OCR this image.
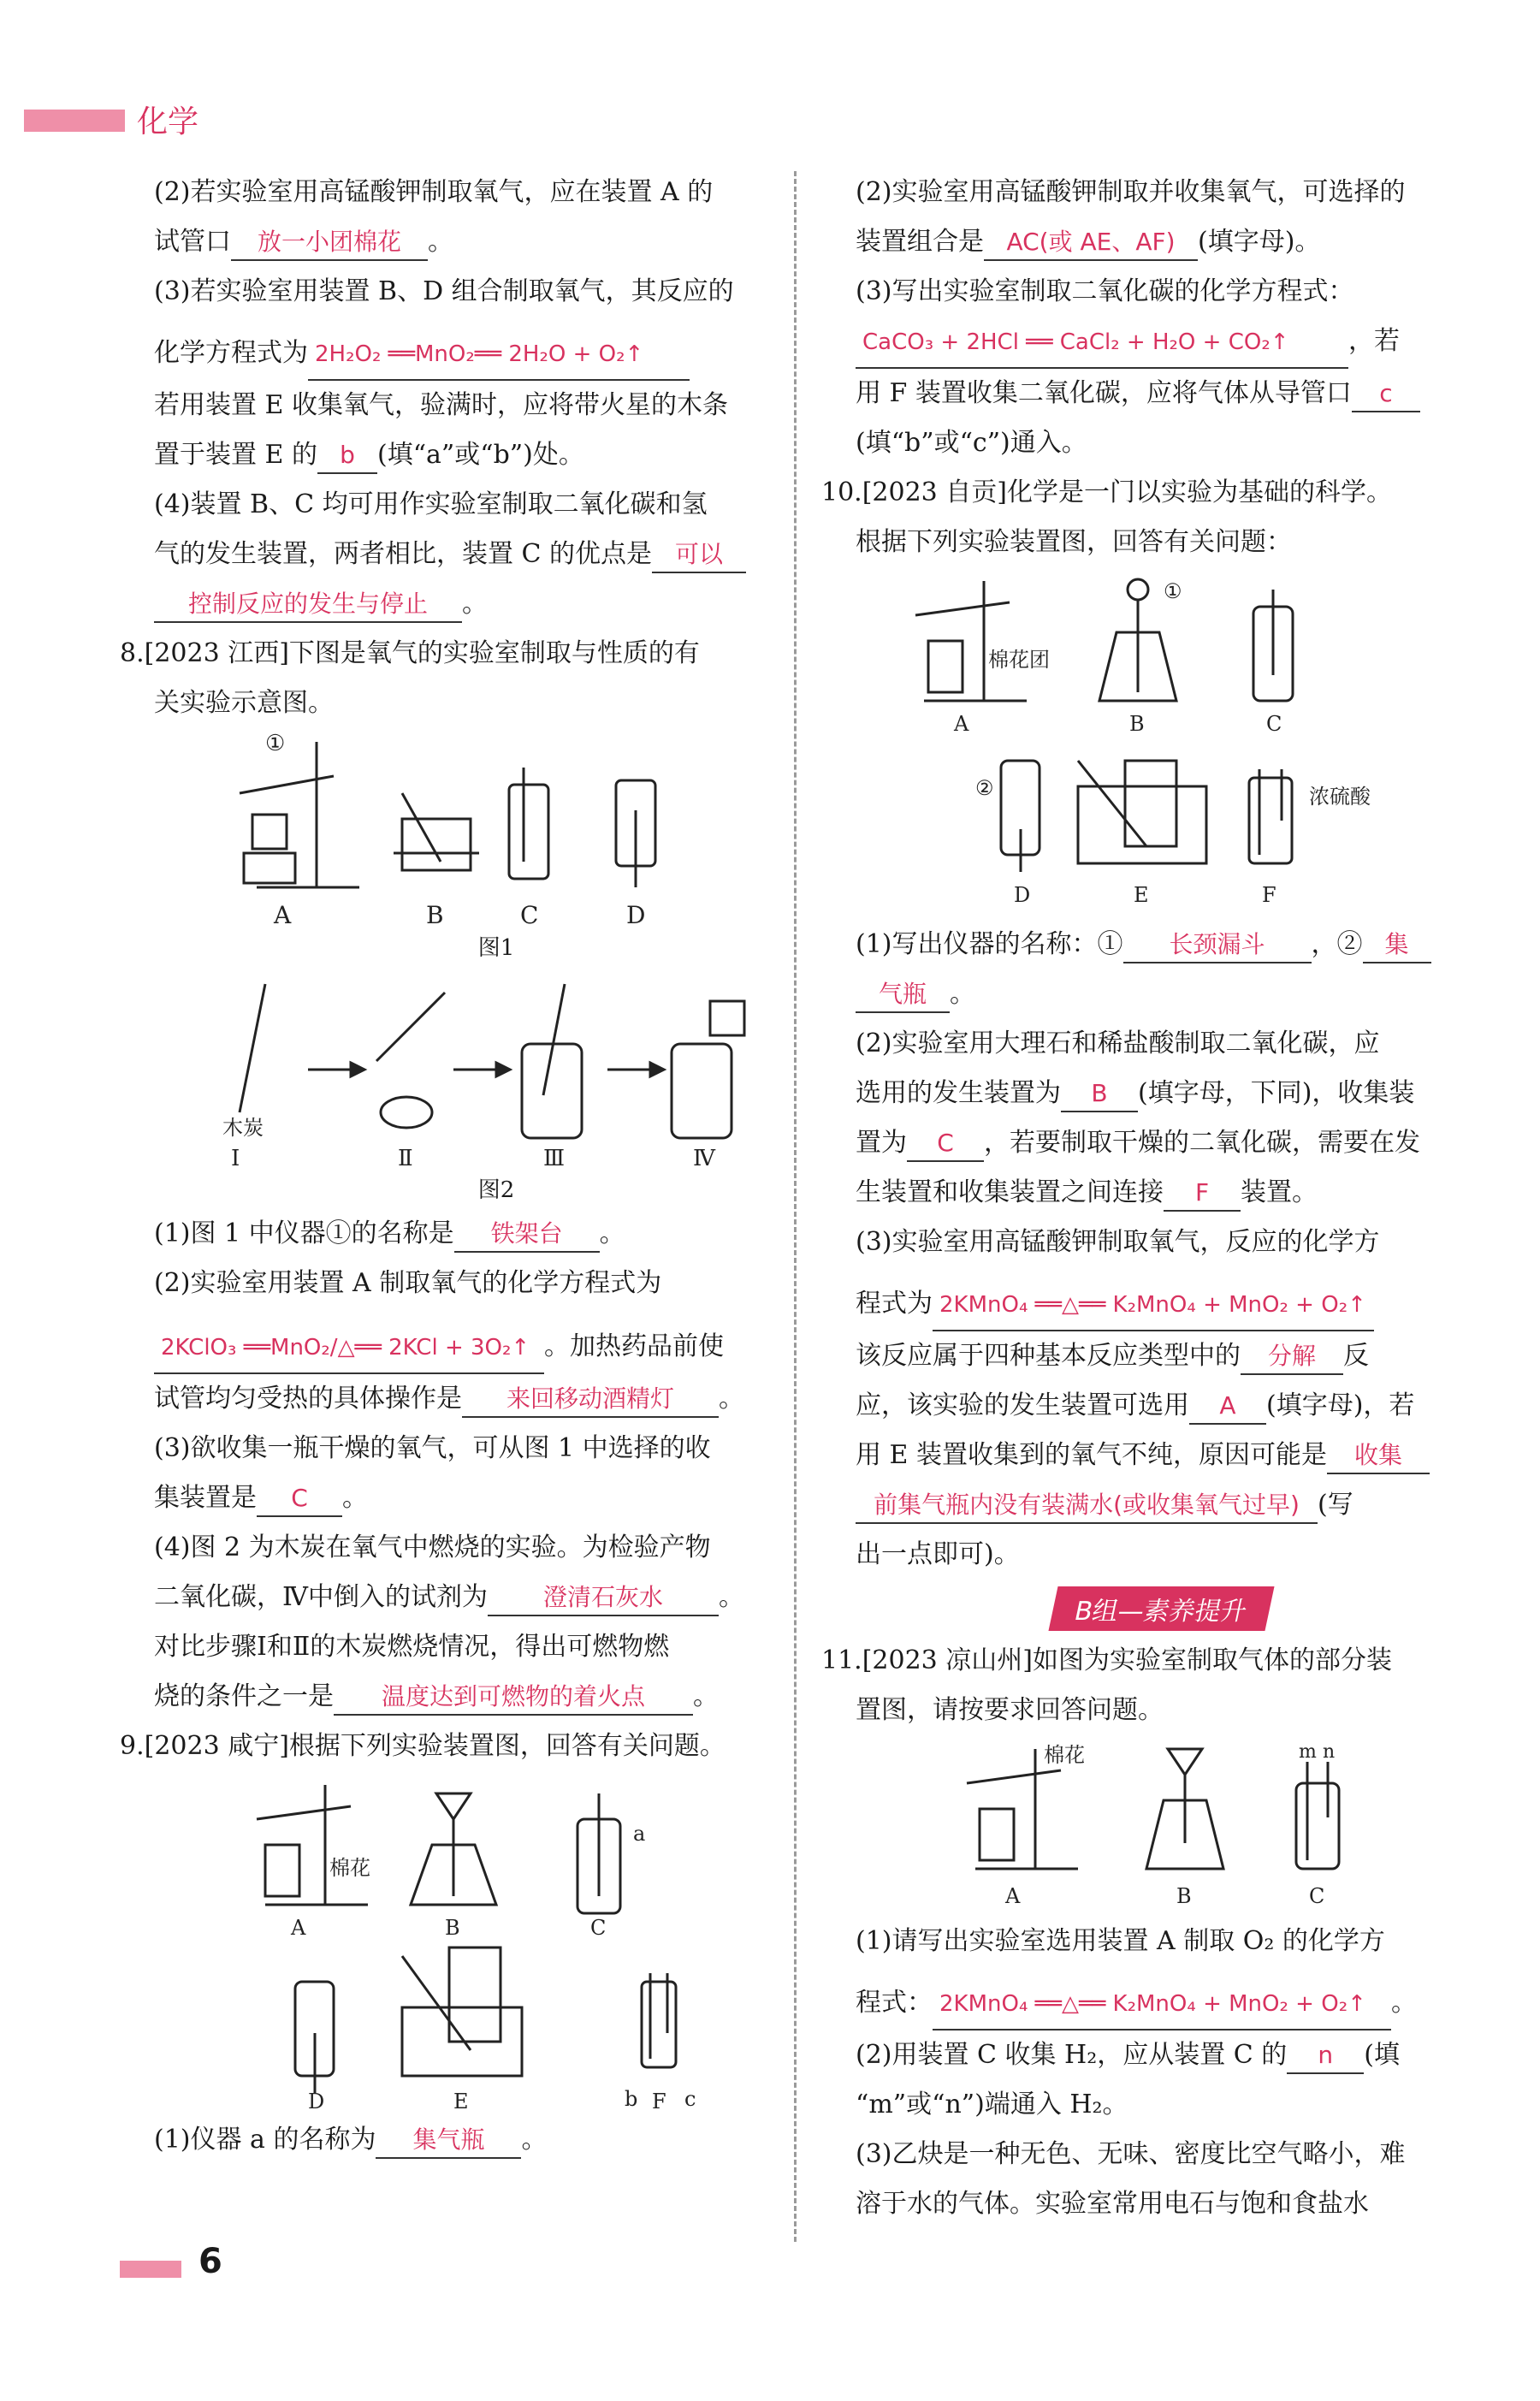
化学
(2)若实验室用高锰酸钾制取氧气，应在装置 A 的
试管口 放一小团棉花 。
(3)若实验室用装置 B、D 组合制取氧气，其反应的
化学方程式为 2H₂O₂ ══MnO₂══ 2H₂O + O₂↑
若用装置 E 收集氧气，验满时，应将带火星的木条
置于装置 E 的 b (填“a”或“b”)处。
(4)装置 B、C 均可用作实验室制取二氧化碳和氢
气的发生装置，两者相比，装置 C 的优点是 可以
控制反应的发生与停止 。
8.[2023 江西]下图是氧气的实验室制取与性质的有
关实验示意图。
①
A	B	C	D
图1
木炭
Ⅰ	Ⅱ	Ⅲ	Ⅳ
图2
(1)图 1 中仪器①的名称是 铁架台 。
(2)实验室用装置 A 制取氧气的化学方程式为
2KClO₃ ══MnO₂/△══ 2KCl + 3O₂↑ 。加热药品前使
试管均匀受热的具体操作是 来回移动酒精灯 。
(3)欲收集一瓶干燥的氧气，可从图 1 中选择的收
集装置是 C 。
(4)图 2 为木炭在氧气中燃烧的实验。为检验产物
二氧化碳，Ⅳ中倒入的试剂为 澄清石灰水 。
对比步骤Ⅰ和Ⅱ的木炭燃烧情况，得出可燃物燃
烧的条件之一是 温度达到可燃物的着火点 。
9.[2023 咸宁]根据下列实验装置图，回答有关问题。
棉花
a
b c
A	B	C
D	E	F
(1)仪器 a 的名称为 集气瓶 。
(2)实验室用高锰酸钾制取并收集氧气，可选择的
装置组合是 AC(或 AE、AF) (填字母)。
(3)写出实验室制取二氧化碳的化学方程式：
CaCO₃ + 2HCl ══ CaCl₂ + H₂O + CO₂↑ ，若
用 F 装置收集二氧化碳，应将气体从导管口 c
(填“b”或“c”)通入。
10.[2023 自贡]化学是一门以实验为基础的科学。
根据下列实验装置图，回答有关问题：
①
②
棉花团
浓硫酸
A	B	C
D	E	F
(1)写出仪器的名称：① 长颈漏斗 ，② 集
气瓶 。
(2)实验室用大理石和稀盐酸制取二氧化碳，应
选用的发生装置为 B (填字母，下同)，收集装
置为 C ，若要制取干燥的二氧化碳，需要在发
生装置和收集装置之间连接 F 装置。
(3)实验室用高锰酸钾制取氧气，反应的化学方
程式为 2KMnO₄ ══△══ K₂MnO₄ + MnO₂ + O₂↑
该反应属于四种基本反应类型中的 分解 反
应，该实验的发生装置可选用 A (填字母)，若
用 E 装置收集到的氧气不纯，原因可能是 收集
前集气瓶内没有装满水(或收集氧气过早) (写
出一点即可)。
B组—素养提升
11.[2023 凉山州]如图为实验室制取气体的部分装
置图，请按要求回答问题。
棉花	m n
A	B	C
(1)请写出实验室选用装置 A 制取 O₂ 的化学方
程式： 2KMnO₄ ══△══ K₂MnO₄ + MnO₂ + O₂↑ 。
(2)用装置 C 收集 H₂，应从装置 C 的 n (填
“m”或“n”)端通入 H₂。
(3)乙炔是一种无色、无味、密度比空气略小，难
溶于水的气体。实验室常用电石与饱和食盐水
6
